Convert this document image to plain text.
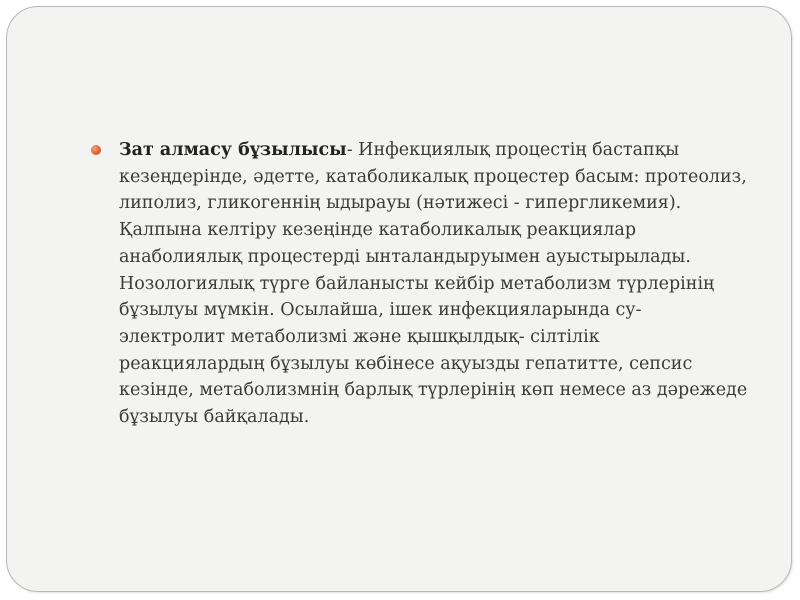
Зат алмасу бұзылысы- Инфекциялық процестің бастапқы
кезеңдерінде, әдетте, катаболикалық процестер басым: протеолиз,
липолиз, гликогеннің ыдырауы (нәтижесі - гипергликемия).
Қалпына келтіру кезеңінде катаболикалық реакциялар
анаболиялық процестерді ынталандыруымен ауыстырылады.
Нозологиялық түрге байланысты кейбір метаболизм түрлерінің
бұзылуы мүмкін. Осылайша, ішек инфекцияларында су-
электролит метаболизмі және қышқылдық- сілтілік
реакциялардың бұзылуы көбінесе ақуызды гепатитте, сепсис
кезінде, метаболизмнің барлық түрлерінің көп немесе аз дәрежеде
бұзылуы байқалады.
